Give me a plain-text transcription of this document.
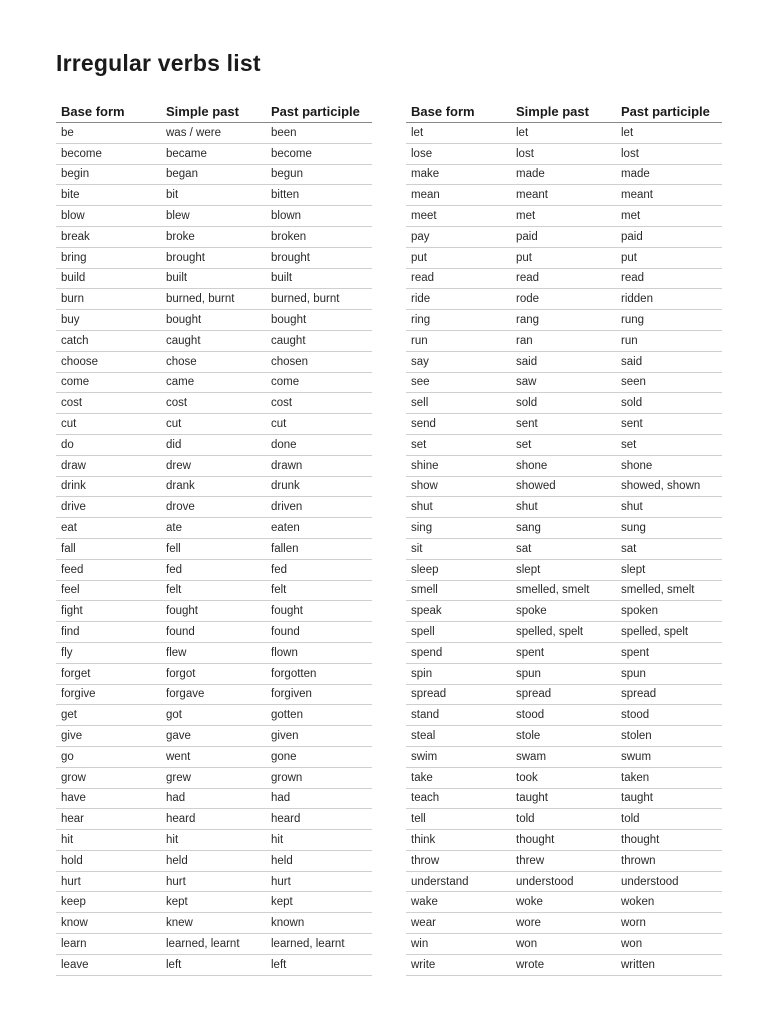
Irregular verbs list
Base form	Simple past	Past participle
be	was / were	been
become	became	become
begin	began	begun
bite	bit	bitten
blow	blew	blown
break	broke	broken
bring	brought	brought
build	built	built
burn	burned, burnt	burned, burnt
buy	bought	bought
catch	caught	caught
choose	chose	chosen
come	came	come
cost	cost	cost
cut	cut	cut
do	did	done
draw	drew	drawn
drink	drank	drunk
drive	drove	driven
eat	ate	eaten
fall	fell	fallen
feed	fed	fed
feel	felt	felt
fight	fought	fought
find	found	found
fly	flew	flown
forget	forgot	forgotten
forgive	forgave	forgiven
get	got	gotten
give	gave	given
go	went	gone
grow	grew	grown
have	had	had
hear	heard	heard
hit	hit	hit
hold	held	held
hurt	hurt	hurt
keep	kept	kept
know	knew	known
learn	learned, learnt	learned, learnt
leave	left	left
Base form	Simple past	Past participle
let	let	let
lose	lost	lost
make	made	made
mean	meant	meant
meet	met	met
pay	paid	paid
put	put	put
read	read	read
ride	rode	ridden
ring	rang	rung
run	ran	run
say	said	said
see	saw	seen
sell	sold	sold
send	sent	sent
set	set	set
shine	shone	shone
show	showed	showed, shown
shut	shut	shut
sing	sang	sung
sit	sat	sat
sleep	slept	slept
smell	smelled, smelt	smelled, smelt
speak	spoke	spoken
spell	spelled, spelt	spelled, spelt
spend	spent	spent
spin	spun	spun
spread	spread	spread
stand	stood	stood
steal	stole	stolen
swim	swam	swum
take	took	taken
teach	taught	taught
tell	told	told
think	thought	thought
throw	threw	thrown
understand	understood	understood
wake	woke	woken
wear	wore	worn
win	won	won
write	wrote	written
